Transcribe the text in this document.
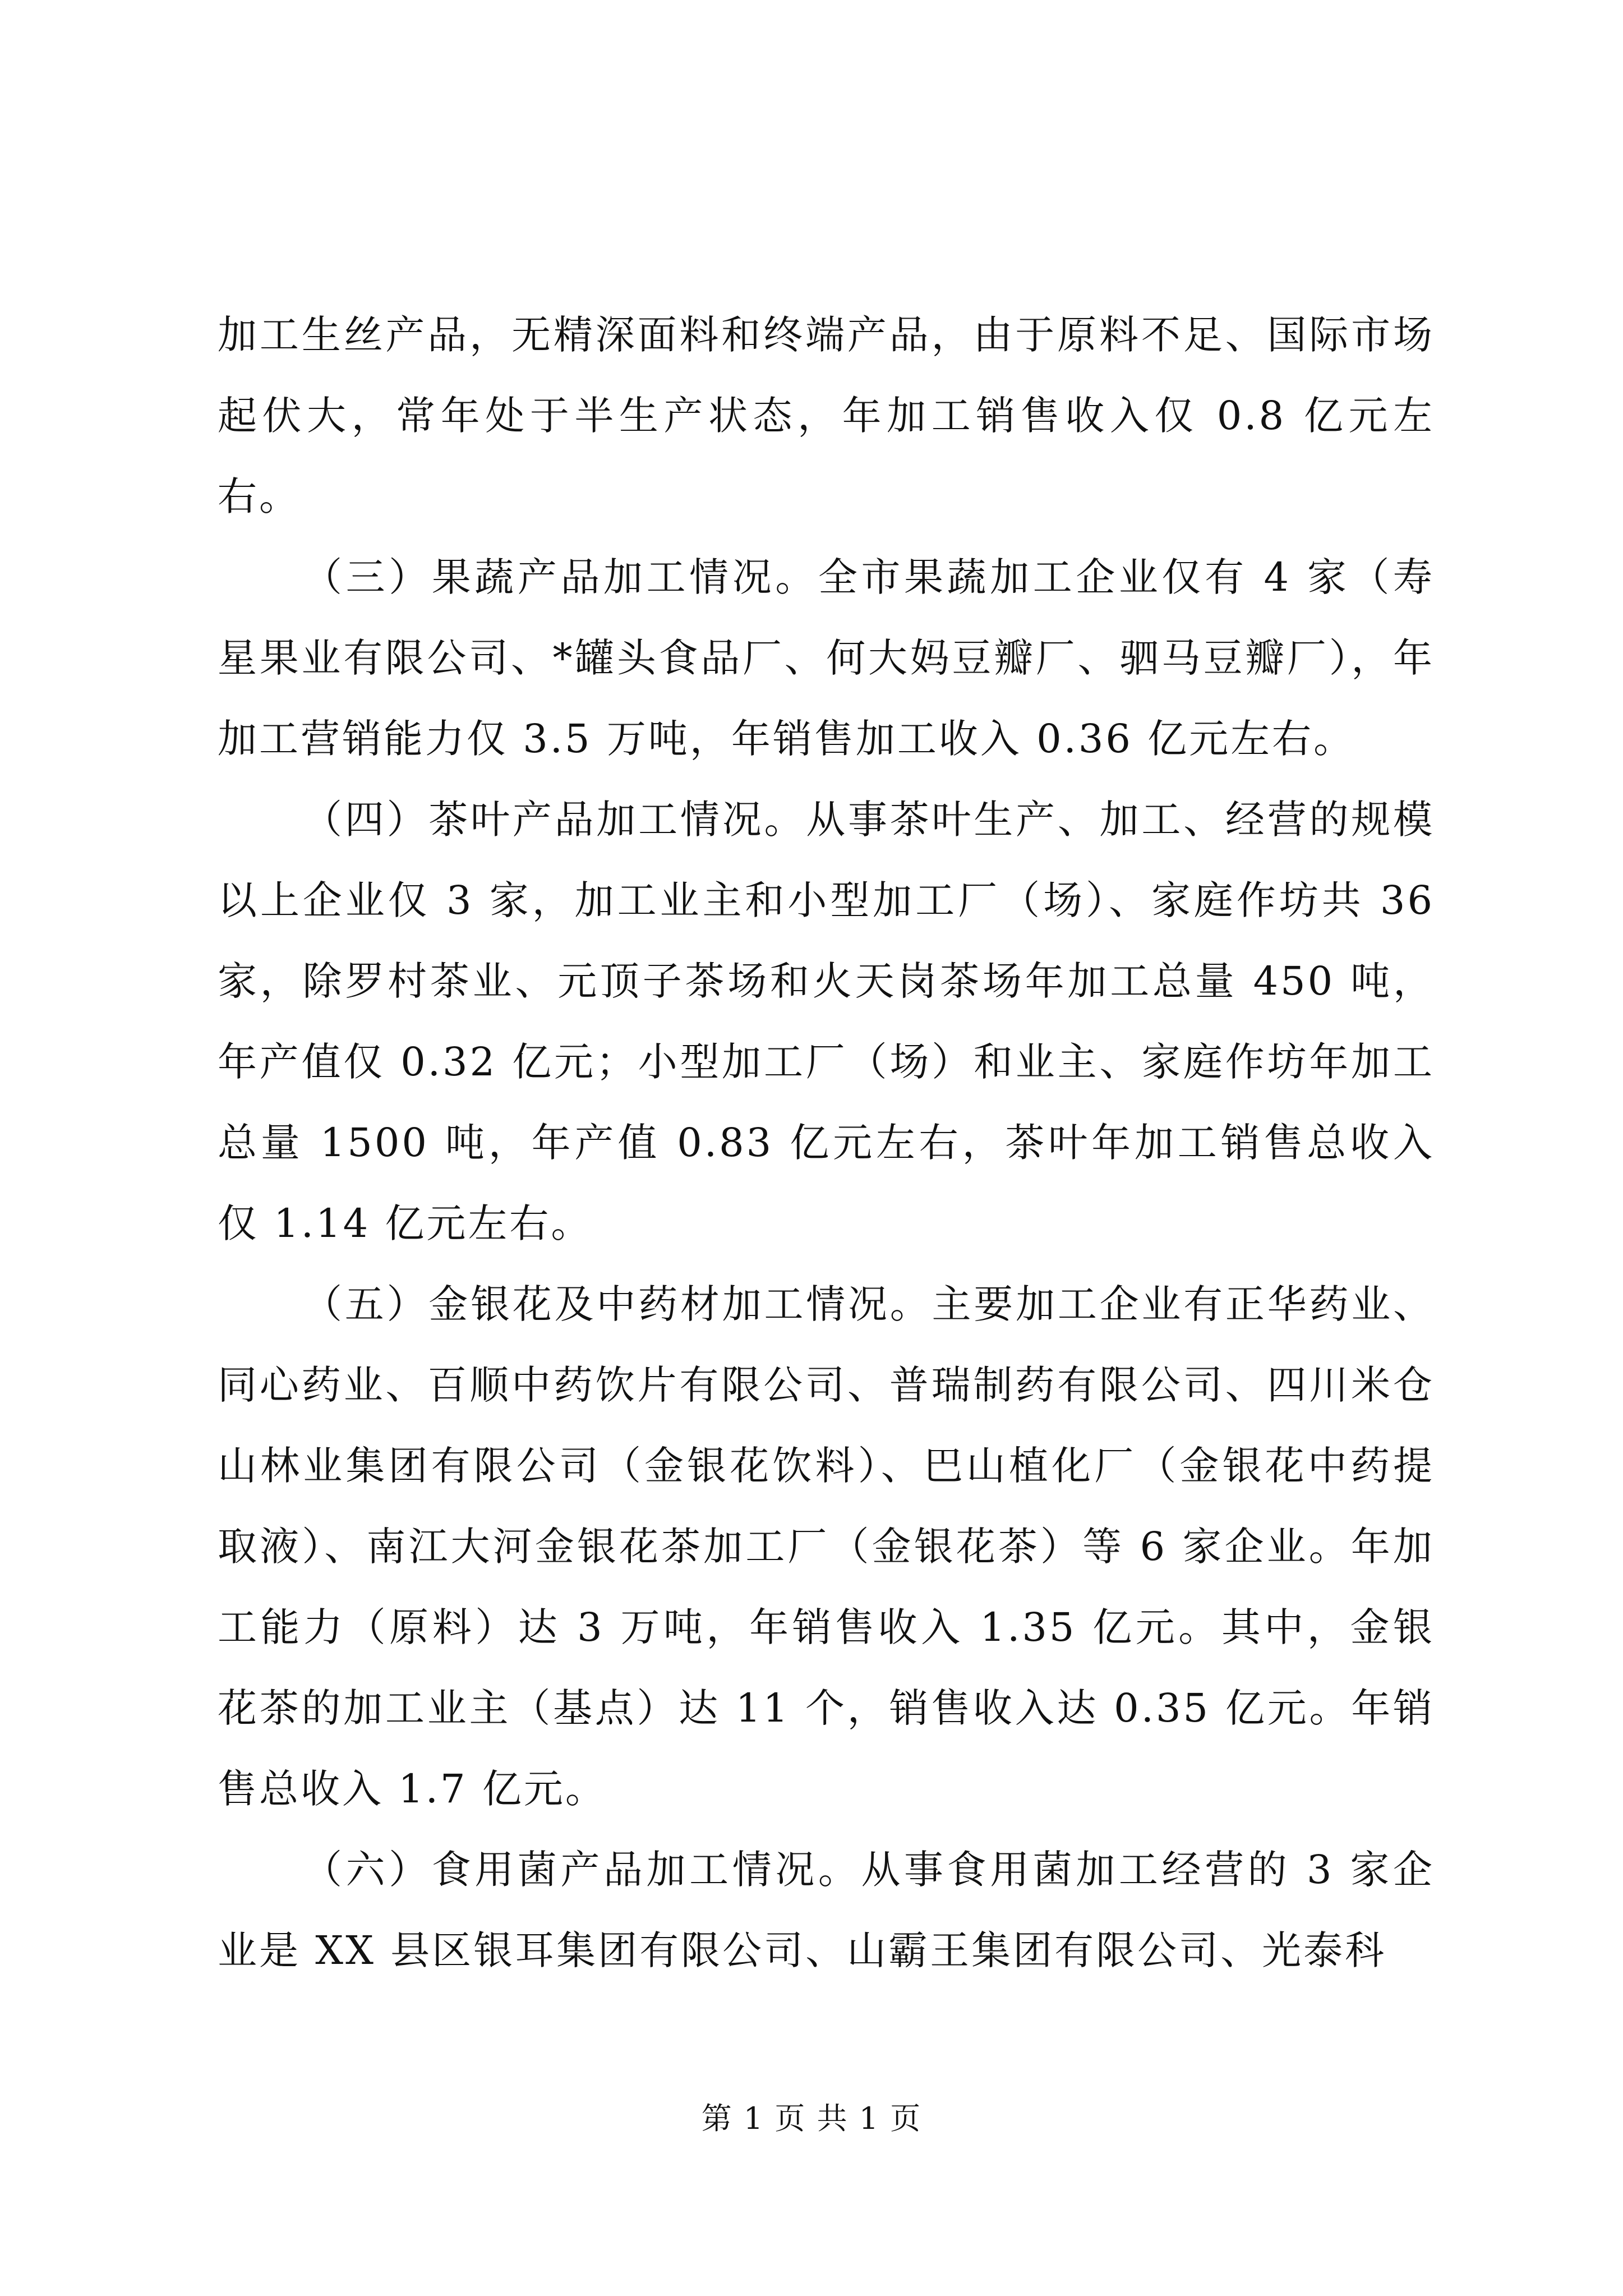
加工生丝产品，无精深面料和终端产品，由于原料不足、国际市场起伏大，常年处于半生产状态，年加工销售收入仅 0.8 亿元左右。

（三）果蔬产品加工情况。全市果蔬加工企业仅有 4 家（寿星果业有限公司、*罐头食品厂、何大妈豆瓣厂、驷马豆瓣厂），年加工营销能力仅 3.5 万吨，年销售加工收入 0.36 亿元左右。

（四）茶叶产品加工情况。从事茶叶生产、加工、经营的规模以上企业仅 3 家，加工业主和小型加工厂（场）、家庭作坊共 36 家，除罗村茶业、元顶子茶场和火天岗茶场年加工总量 450 吨，年产值仅 0.32 亿元；小型加工厂（场）和业主、家庭作坊年加工总量 1500 吨，年产值 0.83 亿元左右，茶叶年加工销售总收入仅 1.14 亿元左右。

（五）金银花及中药材加工情况。主要加工企业有正华药业、同心药业、百顺中药饮片有限公司、普瑞制药有限公司、四川米仓山林业集团有限公司（金银花饮料）、巴山植化厂（金银花中药提取液）、南江大河金银花茶加工厂（金银花茶）等 6 家企业。年加工能力（原料）达 3 万吨，年销售收入 1.35 亿元。其中，金银花茶的加工业主（基点）达 11 个，销售收入达 0.35 亿元。年销售总收入 1.7 亿元。

（六）食用菌产品加工情况。从事食用菌加工经营的 3 家企业是 XX 县区银耳集团有限公司、山霸王集团有限公司、光泰科

第 1 页 共 1 页
